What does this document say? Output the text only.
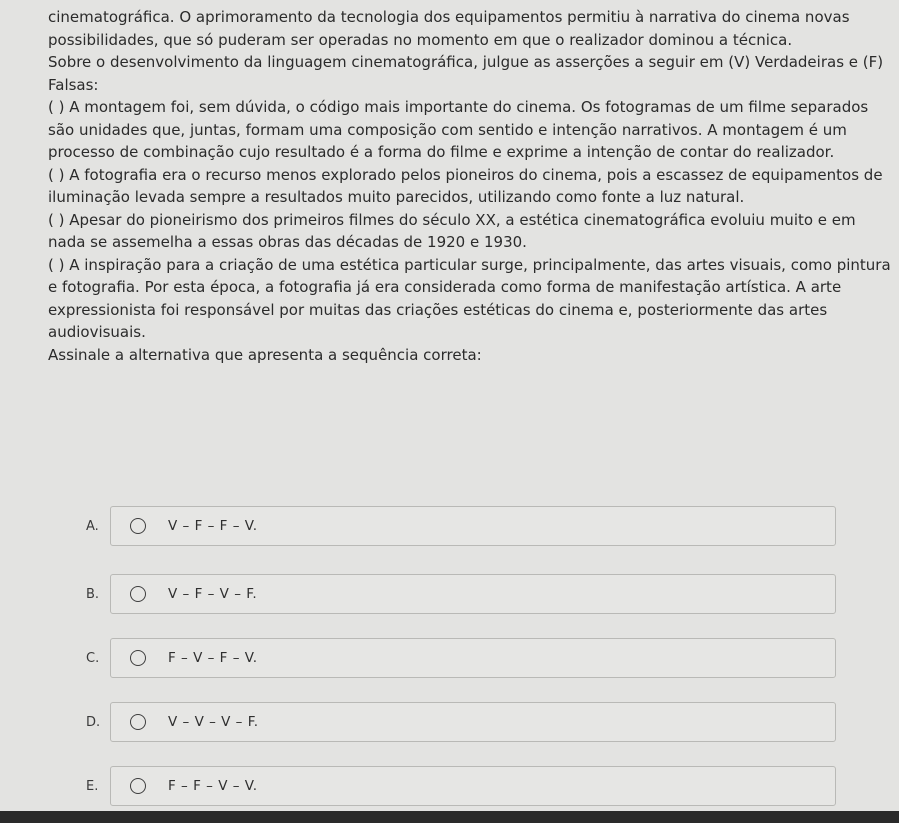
cinematográfica. O aprimoramento da tecnologia dos equipamentos permitiu à narrativa do cinema novas possibilidades, que só puderam ser operadas no momento em que o realizador dominou a técnica.

Sobre o desenvolvimento da linguagem cinematográfica, julgue as asserções a seguir em (V) Verdadeiras e (F) Falsas:

( ) A montagem foi, sem dúvida, o código mais importante do cinema. Os fotogramas de um filme separados são unidades que, juntas, formam uma composição com sentido e intenção narrativos. A montagem é um processo de combinação cujo resultado é a forma do filme e exprime a intenção de contar do realizador.

( ) A fotografia era o recurso menos explorado pelos pioneiros do cinema, pois a escassez de equipamentos de iluminação levada sempre a resultados muito parecidos, utilizando como fonte a luz natural.

( ) Apesar do pioneirismo dos primeiros filmes do século XX, a estética cinematográfica evoluiu muito e em nada se assemelha a essas obras das décadas de 1920 e 1930.

( ) A inspiração para a criação de uma estética particular surge, principalmente, das artes visuais, como pintura e fotografia. Por esta época, a fotografia já era considerada como forma de manifestação artística. A arte expressionista foi responsável por muitas das criações estéticas do cinema e, posteriormente das artes audiovisuais.

Assinale a alternativa que apresenta a sequência correta:

A.	V – F – F – V.
B.	V – F – V – F.
C.	F – V – F – V.
D.	V – V – V – F.
E.	F – F – V – V.
